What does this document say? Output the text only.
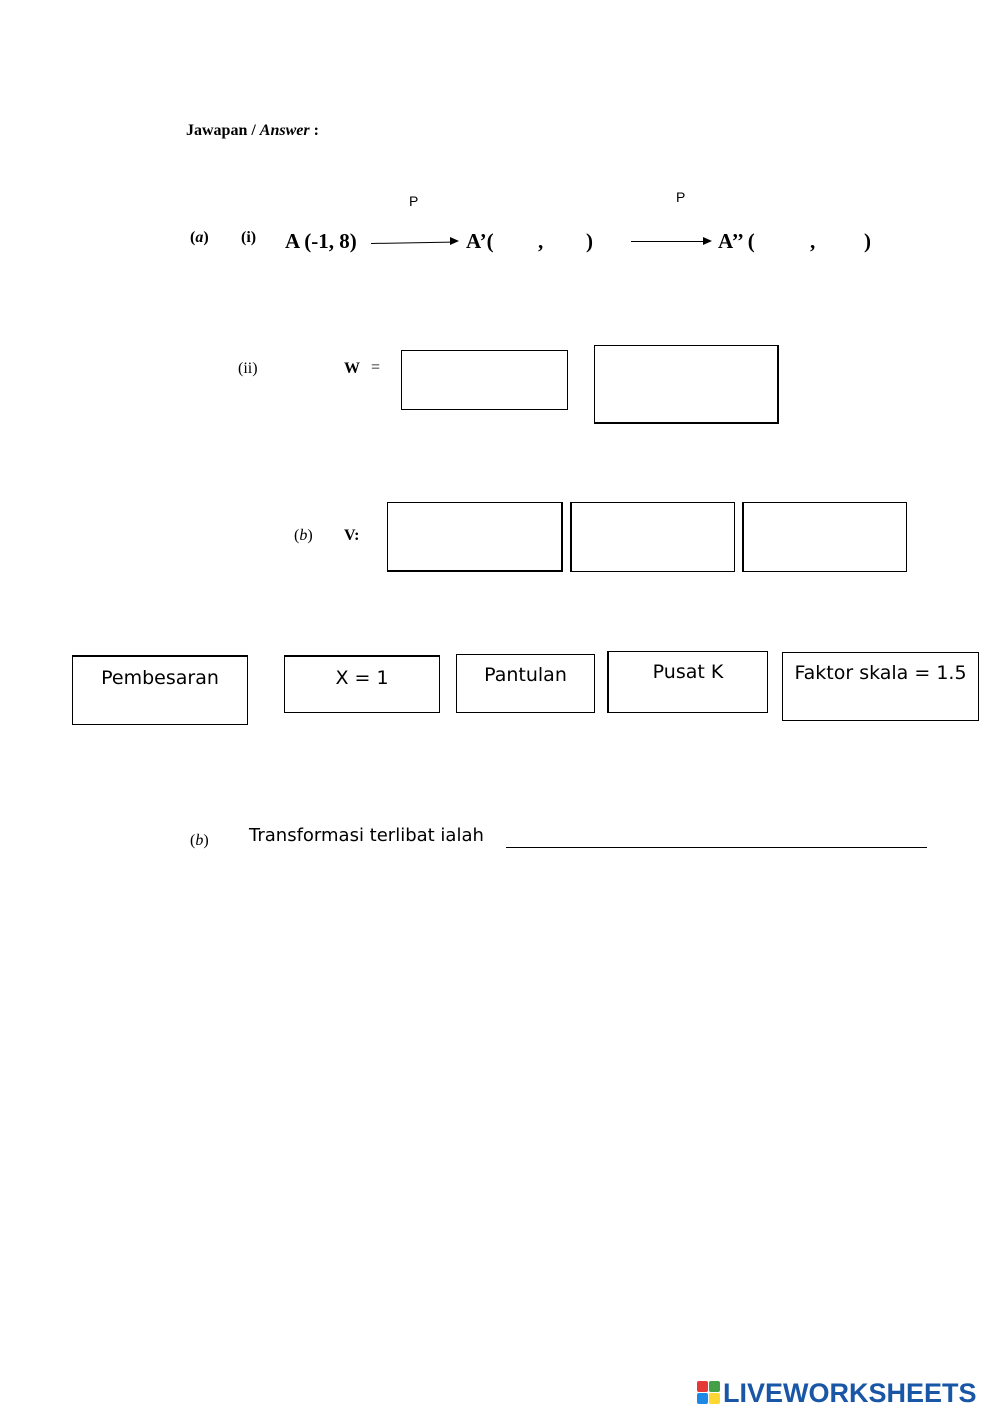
Jawapan / Answer :
(a) (i) A (-1, 8)
P
A’( , )
P
A’’ (	, )
(ii)	W =
(b) V:
Pembesaran	X = 1	Pantulan	Pusat K	Faktor skala = 1.5
(b) Transformasi terlibat ialah
LIVEWORKSHEETS
